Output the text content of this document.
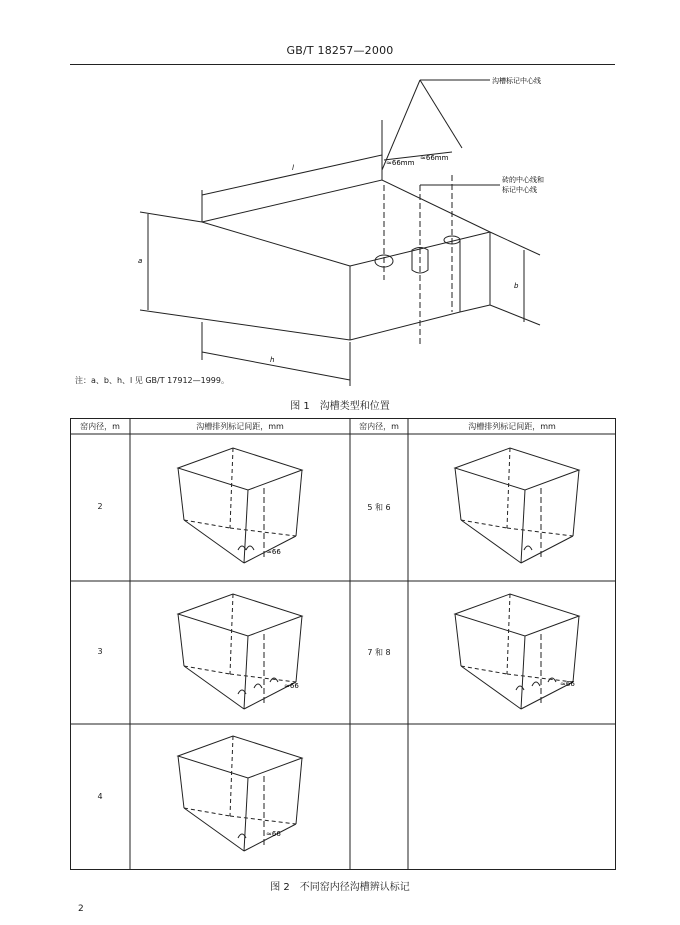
GB/T 18257—2000
沟槽标记中心线
砖的中心线和
标记中心线
≈66mm
≈66mm
l
a
b
h
注：a、b、h、l 见 GB/T 17912—1999。
图 1　沟槽类型和位置
≈66
≈66
≈66
≈66
窑内径，m	沟槽排列标记间距，mm	窑内径，m	沟槽排列标记间距，mm
2	5 和 6
3	7 和 8
4
图 2　不同窑内径沟槽辨认标记
2
